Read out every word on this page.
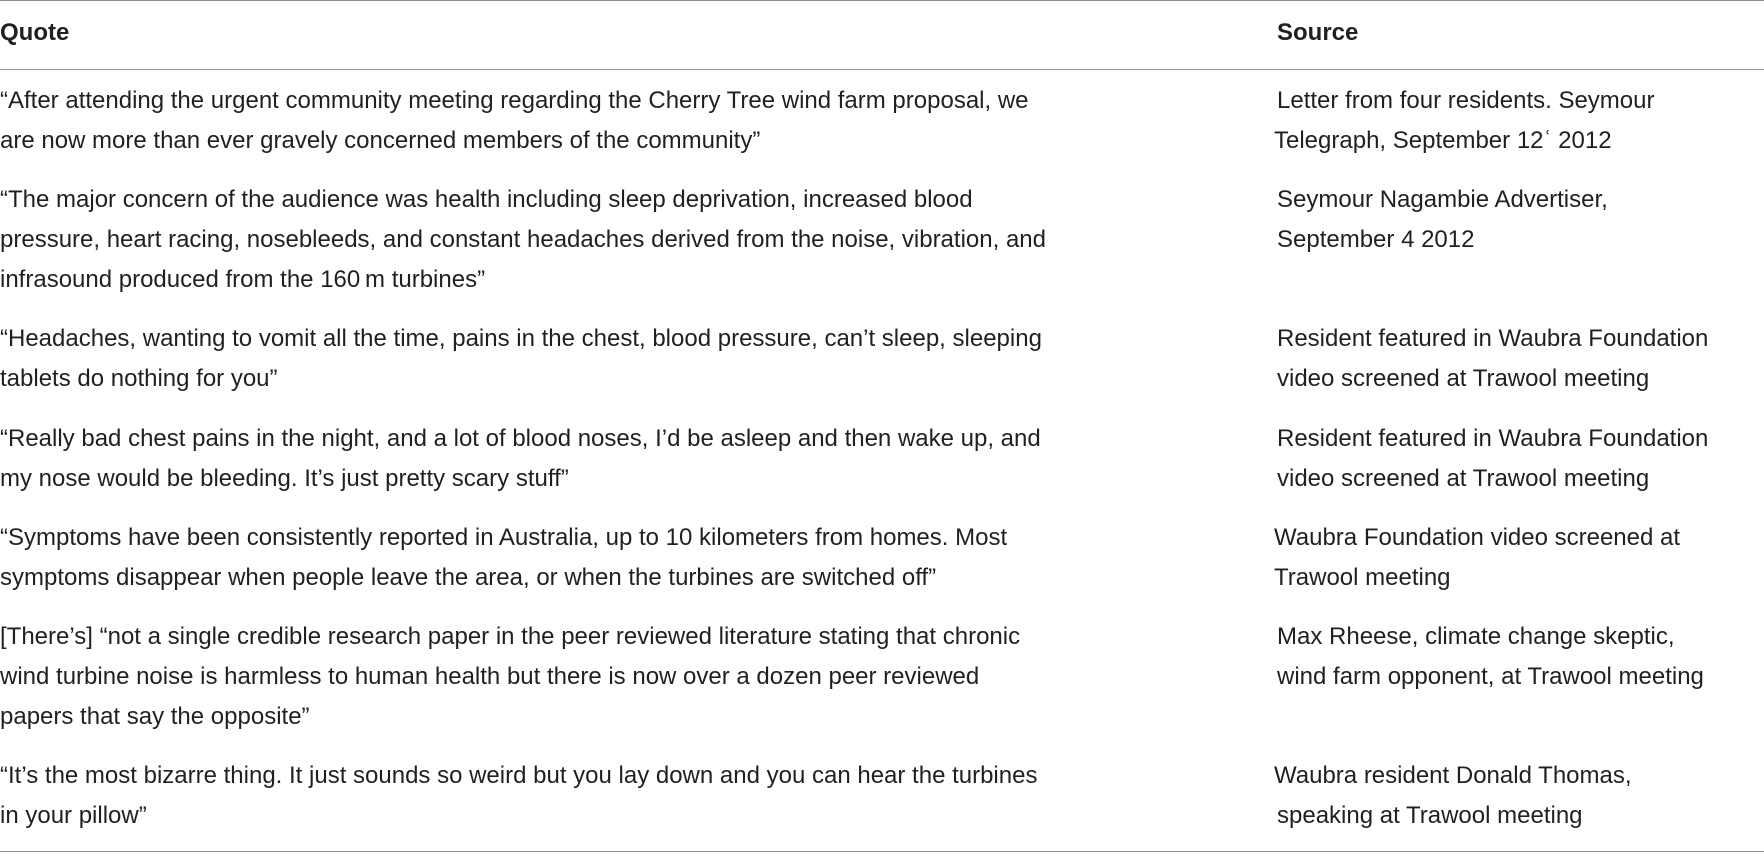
Quote	Source
“After attending the urgent community meeting regarding the Cherry Tree wind farm proposal, we
are now more than ever gravely concerned members of the community”
Letter from four residents. Seymour
Telegraph, September 12ʿ 2012
“The major concern of the audience was health including sleep deprivation, increased blood
pressure, heart racing, nosebleeds, and constant headaches derived from the noise, vibration, and
infrasound produced from the 160 m turbines”
Seymour Nagambie Advertiser,
September 4 2012
“Headaches, wanting to vomit all the time, pains in the chest, blood pressure, can’t sleep, sleeping
tablets do nothing for you”
Resident featured in Waubra Foundation
video screened at Trawool meeting
“Really bad chest pains in the night, and a lot of blood noses, I’d be asleep and then wake up, and
my nose would be bleeding. It’s just pretty scary stuff”
Resident featured in Waubra Foundation
video screened at Trawool meeting
“Symptoms have been consistently reported in Australia, up to 10 kilometers from homes. Most
symptoms disappear when people leave the area, or when the turbines are switched off”
Waubra Foundation video screened at
Trawool meeting
[There’s] “not a single credible research paper in the peer reviewed literature stating that chronic
wind turbine noise is harmless to human health but there is now over a dozen peer reviewed
papers that say the opposite”
Max Rheese, climate change skeptic,
wind farm opponent, at Trawool meeting
“It’s the most bizarre thing. It just sounds so weird but you lay down and you can hear the turbines
in your pillow”
Waubra resident Donald Thomas,
speaking at Trawool meeting
